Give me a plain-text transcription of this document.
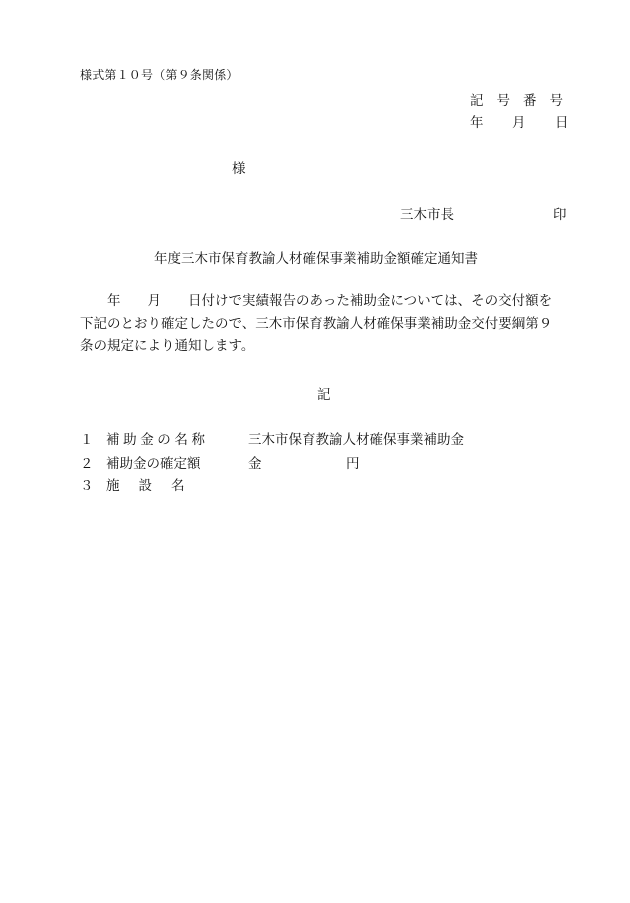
様式第１０号（第９条関係）
記号番号
年 月 日
様
三木市長	印
年度三木市保育教諭人材確保事業補助金額確定通知書
　　年　　月　　日付けで実績報告のあった補助金については、その交付額を
下記のとおり確定したので、三木市保育教諭人材確保事業補助金交付要綱第９
条の規定により通知します。
記
１ 補助金の名称	三木市保育教諭人材確保事業補助金
２ 補助金の確定額	金	円
３ 施設名
